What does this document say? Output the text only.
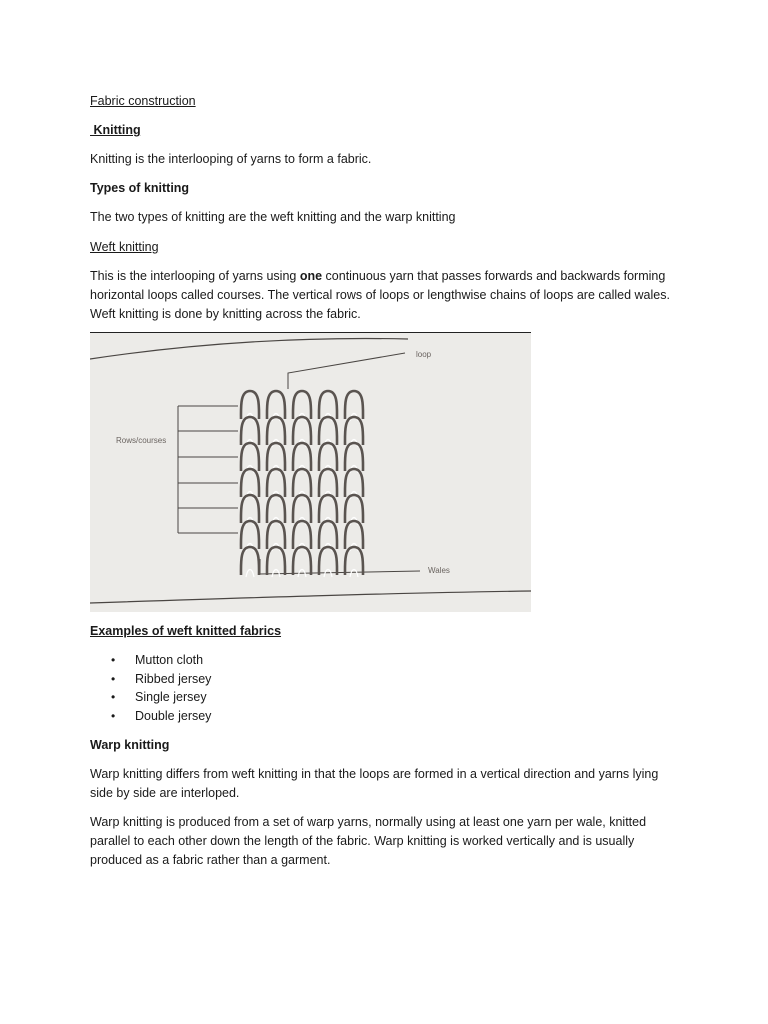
Fabric construction

Knitting

Knitting is the interlooping of yarns to form a fabric.

Types of knitting

The two types of knitting are the weft knitting and the warp knitting

Weft knitting

This is the interlooping of yarns using one continuous yarn that passes forwards and backwards forming horizontal loops called courses. The vertical rows of loops or lengthwise chains of loops are called wales. Weft knitting is done by knitting across the fabric.

loop
Rows/courses
Wales

Examples of weft knitted fabrics

• Mutton cloth
• Ribbed jersey
• Single jersey
• Double jersey

Warp knitting

Warp knitting differs from weft knitting in that the loops are formed in a vertical direction and yarns lying side by side are interloped.

Warp knitting is produced from a set of warp yarns, normally using at least one yarn per wale, knitted parallel to each other down the length of the fabric. Warp knitting is worked vertically and is usually produced as a fabric rather than a garment.
